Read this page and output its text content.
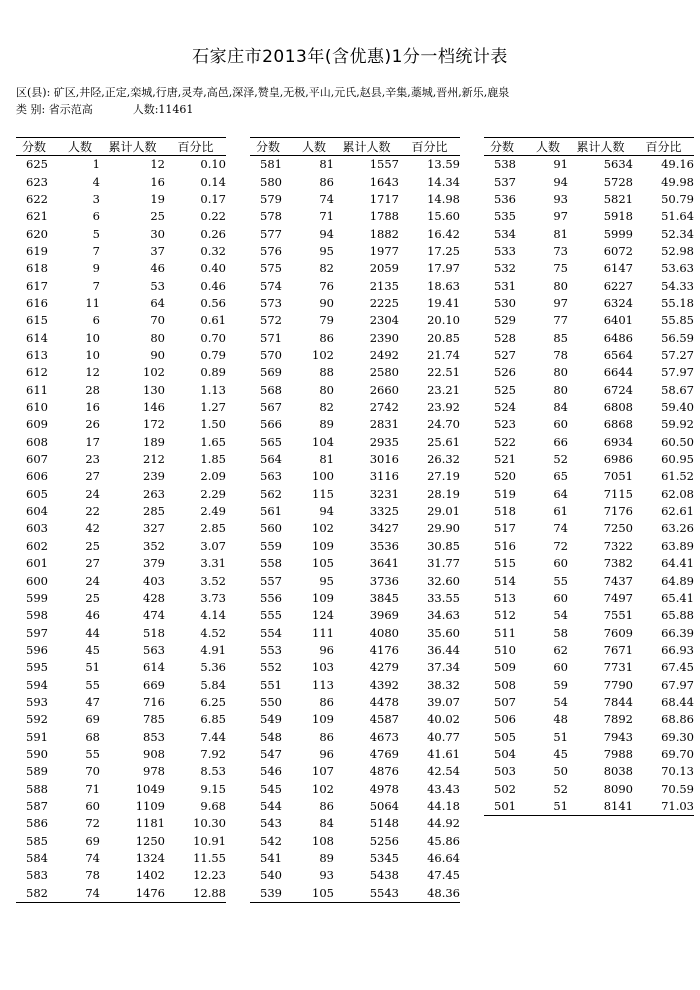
石家庄市2013年(含优惠)1分一档统计表
区(县): 矿区,井陉,正定,栾城,行唐,灵寿,高邑,深泽,赞皇,无极,平山,元氏,赵县,辛集,藁城,晋州,新乐,鹿泉
类 别: 省示范高	人数:11461
分数	人数	累计人数	百分比
625	1	12	0.10
623	4	16	0.14
622	3	19	0.17
621	6	25	0.22
620	5	30	0.26
619	7	37	0.32
618	9	46	0.40
617	7	53	0.46
616	11	64	0.56
615	6	70	0.61
614	10	80	0.70
613	10	90	0.79
612	12	102	0.89
611	28	130	1.13
610	16	146	1.27
609	26	172	1.50
608	17	189	1.65
607	23	212	1.85
606	27	239	2.09
605	24	263	2.29
604	22	285	2.49
603	42	327	2.85
602	25	352	3.07
601	27	379	3.31
600	24	403	3.52
599	25	428	3.73
598	46	474	4.14
597	44	518	4.52
596	45	563	4.91
595	51	614	5.36
594	55	669	5.84
593	47	716	6.25
592	69	785	6.85
591	68	853	7.44
590	55	908	7.92
589	70	978	8.53
588	71	1049	9.15
587	60	1109	9.68
586	72	1181	10.30
585	69	1250	10.91
584	74	1324	11.55
583	78	1402	12.23
582	74	1476	12.88
分数	人数	累计人数	百分比
581	81	1557	13.59
580	86	1643	14.34
579	74	1717	14.98
578	71	1788	15.60
577	94	1882	16.42
576	95	1977	17.25
575	82	2059	17.97
574	76	2135	18.63
573	90	2225	19.41
572	79	2304	20.10
571	86	2390	20.85
570	102	2492	21.74
569	88	2580	22.51
568	80	2660	23.21
567	82	2742	23.92
566	89	2831	24.70
565	104	2935	25.61
564	81	3016	26.32
563	100	3116	27.19
562	115	3231	28.19
561	94	3325	29.01
560	102	3427	29.90
559	109	3536	30.85
558	105	3641	31.77
557	95	3736	32.60
556	109	3845	33.55
555	124	3969	34.63
554	111	4080	35.60
553	96	4176	36.44
552	103	4279	37.34
551	113	4392	38.32
550	86	4478	39.07
549	109	4587	40.02
548	86	4673	40.77
547	96	4769	41.61
546	107	4876	42.54
545	102	4978	43.43
544	86	5064	44.18
543	84	5148	44.92
542	108	5256	45.86
541	89	5345	46.64
540	93	5438	47.45
539	105	5543	48.36
分数	人数	累计人数	百分比
538	91	5634	49.16
537	94	5728	49.98
536	93	5821	50.79
535	97	5918	51.64
534	81	5999	52.34
533	73	6072	52.98
532	75	6147	53.63
531	80	6227	54.33
530	97	6324	55.18
529	77	6401	55.85
528	85	6486	56.59
527	78	6564	57.27
526	80	6644	57.97
525	80	6724	58.67
524	84	6808	59.40
523	60	6868	59.92
522	66	6934	60.50
521	52	6986	60.95
520	65	7051	61.52
519	64	7115	62.08
518	61	7176	62.61
517	74	7250	63.26
516	72	7322	63.89
515	60	7382	64.41
514	55	7437	64.89
513	60	7497	65.41
512	54	7551	65.88
511	58	7609	66.39
510	62	7671	66.93
509	60	7731	67.45
508	59	7790	67.97
507	54	7844	68.44
506	48	7892	68.86
505	51	7943	69.30
504	45	7988	69.70
503	50	8038	70.13
502	52	8090	70.59
501	51	8141	71.03
